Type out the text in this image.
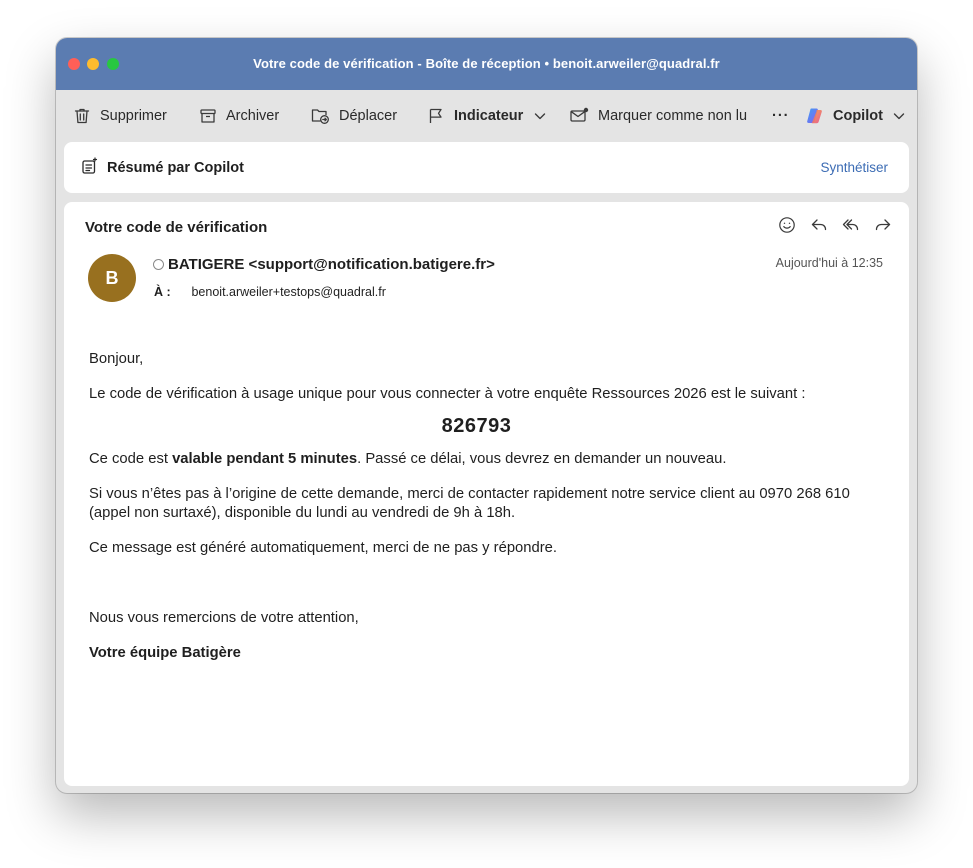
Votre code de vérification - Boîte de réception • benoit.arweiler@quadral.fr
Supprimer	Archiver	Déplacer	Indicateur	Marquer comme non lu ···	Copilot
Résumé par Copilot	Synthétiser
Votre code de vérification
B
BATIGERE <support@notification.batigere.fr>
À : benoit.arweiler+testops@quadral.fr
Aujourd'hui à 12:35

Bonjour,

Le code de vérification à usage unique pour vous connecter à votre enquête Ressources 2026 est le suivant :

826793

Ce code est valable pendant 5 minutes. Passé ce délai, vous devrez en demander un nouveau.

Si vous n’êtes pas à l’origine de cette demande, merci de contacter rapidement notre service client au 0970 268 610 (appel non surtaxé), disponible du lundi au vendredi de 9h à 18h.

Ce message est généré automatiquement, merci de ne pas y répondre.

Nous vous remercions de votre attention,

Votre équipe Batigère
